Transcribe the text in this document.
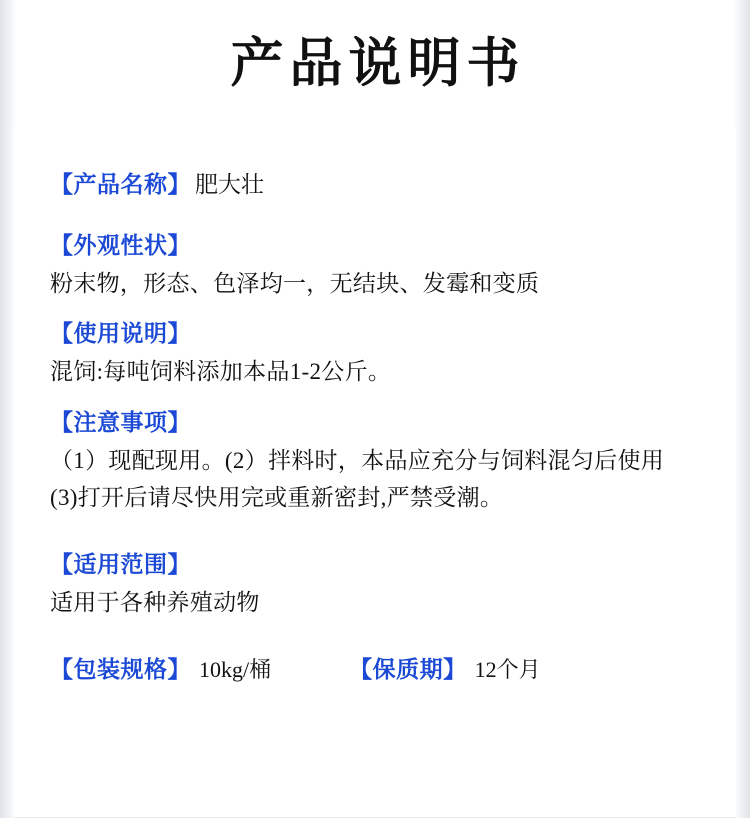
产品说明书
【产品名称】 肥大壮
【外观性状】
粉末物，形态、色泽均一，无结块、发霉和变质
【使用说明】
混饲:每吨饲料添加本品1-2公斤。
【注意事项】
（1）现配现用。(2）拌料时，本品应充分与饲料混匀后使用
(3)打开后请尽快用完或重新密封,严禁受潮。
【适用范围】
适用于各种养殖动物
【包装规格】 10kg/桶	【保质期】 12个月
